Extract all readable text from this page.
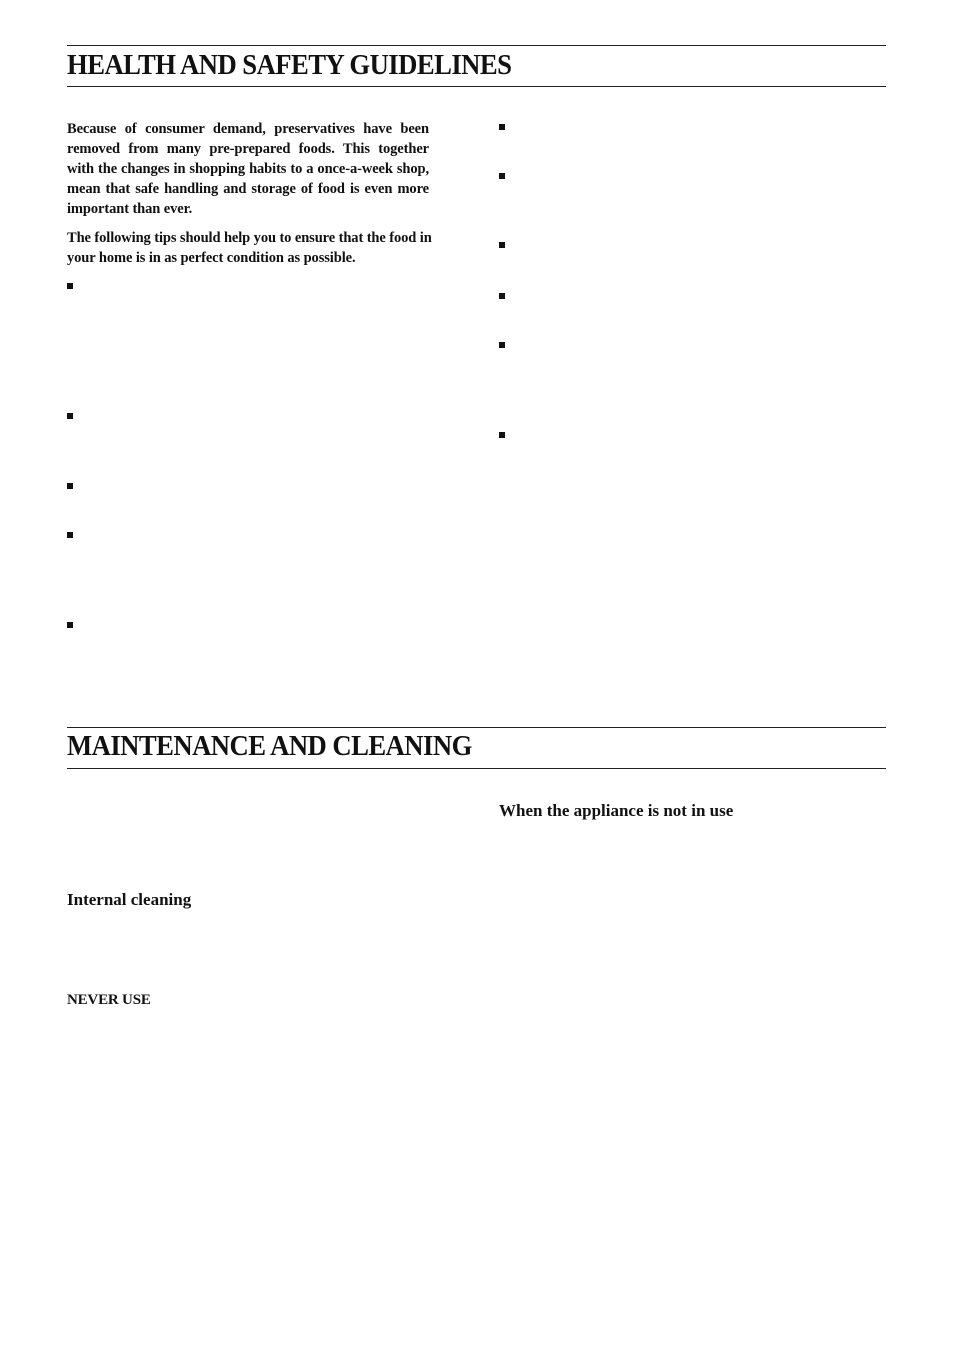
HEALTH AND SAFETY GUIDELINES

Because of consumer demand, preservatives have been removed from many pre-prepared foods. This together with the changes in shopping habits to a once-a-week shop, mean that safe handling and storage of food is even more important than ever.

The following tips should help you to ensure that the food in your home is in as perfect condition as possible.

MAINTENANCE AND CLEANING
When the appliance is not in use
Internal cleaning

NEVER USE
